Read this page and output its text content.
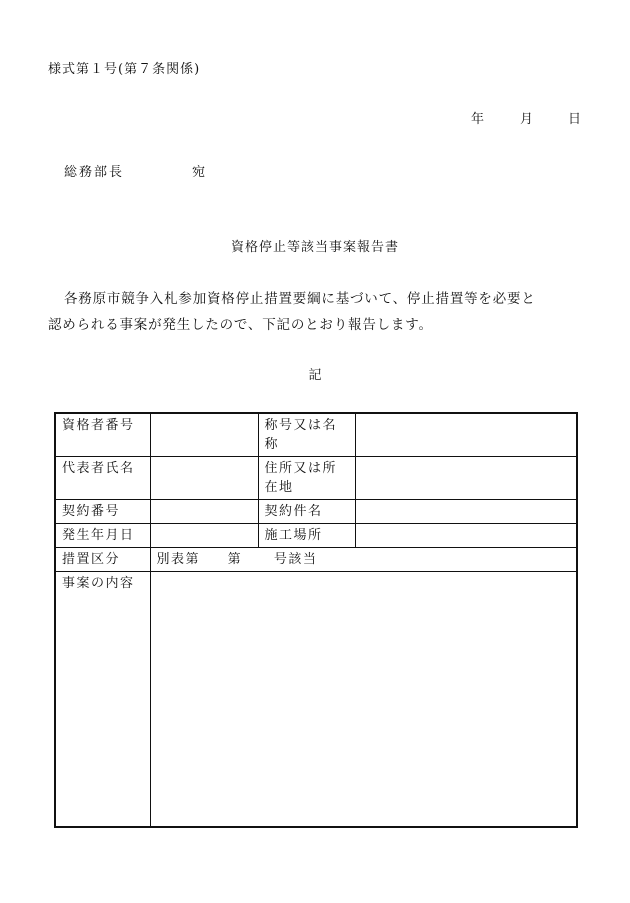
様式第１号(第７条関係)
年	月	日
総務部長	宛
資格停止等該当事案報告書

各務原市競争入札参加資格停止措置要綱に基づいて、停止措置等を必要と

認められる事案が発生したので、下記のとおり報告します。

記
資格者番号		称号又は名称	
代表者氏名		住所又は所在地	
契約番号		契約件名	
発生年月日		施工場所	
措置区分	別表第 第 号該当		
事案の内容			
